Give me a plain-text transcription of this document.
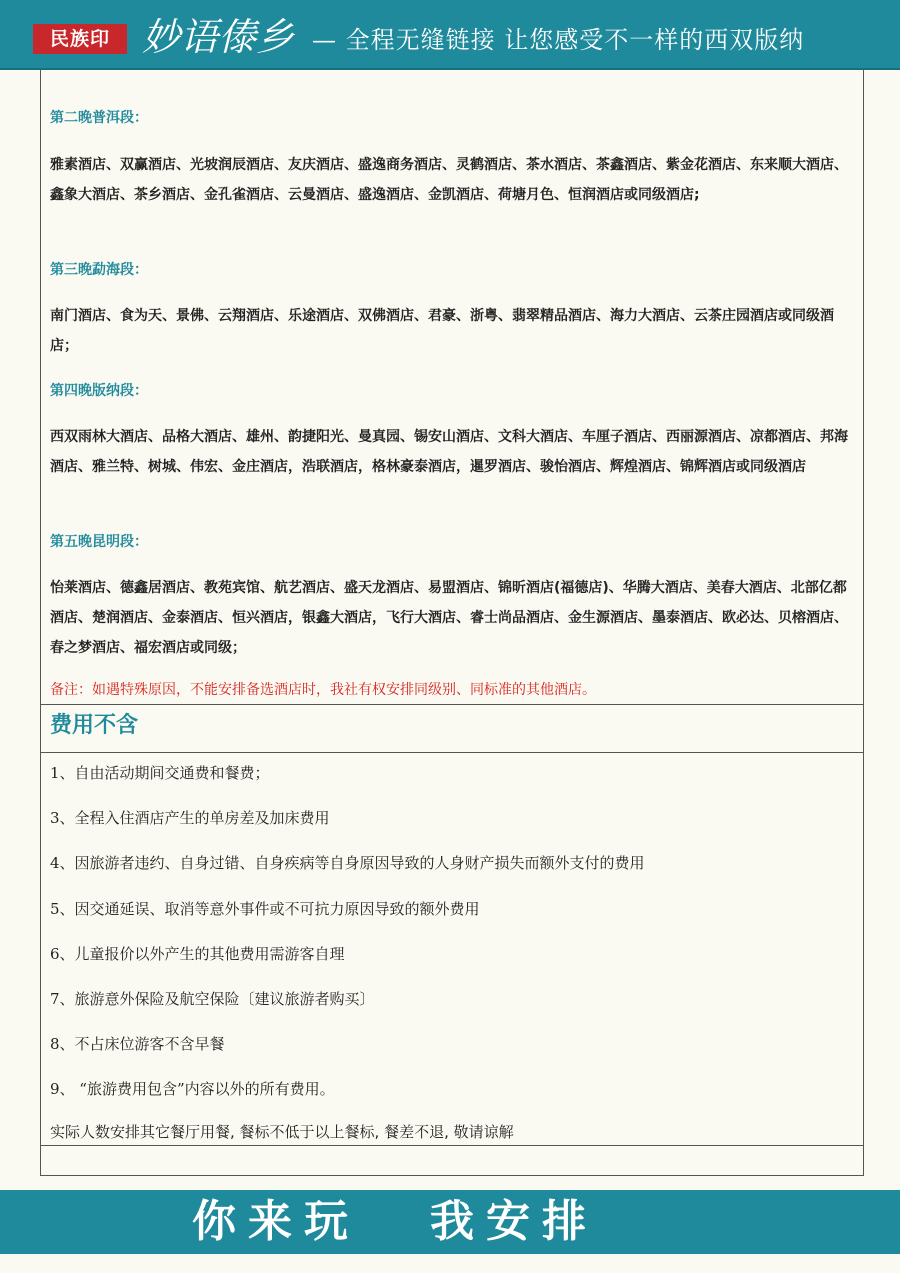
民族印 妙语傣乡 — 全程无缝链接 让您感受不一样的西双版纳
第二晚普洱段：
雅素酒店、双赢酒店、光坡润辰酒店、友庆酒店、盛逸商务酒店、灵鹤酒店、茶水酒店、茶鑫酒店、紫金花酒店、东来顺大酒店、鑫象大酒店、茶乡酒店、金孔雀酒店、云曼酒店、盛逸酒店、金凯酒店、荷塘月色、恒润酒店或同级酒店;
第三晚勐海段：
南门酒店、食为天、景佛、云翔酒店、乐途酒店、双佛酒店、君豪、浙粤、翡翠精品酒店、海力大酒店、云茶庄园酒店或同级酒店；
第四晚版纳段：
西双雨林大酒店、品格大酒店、雄州、韵捷阳光、曼真园、锡安山酒店、文科大酒店、车厘子酒店、西丽源酒店、凉都酒店、邦海酒店、雅兰特、树城、伟宏、金庄酒店，浩联酒店，格林豪泰酒店，暹罗酒店、骏怡酒店、辉煌酒店、锦辉酒店或同级酒店
第五晚昆明段：
怡莱酒店、德鑫居酒店、教苑宾馆、航艺酒店、盛天龙酒店、易盟酒店、锦昕酒店(福德店)、华腾大酒店、美春大酒店、北部亿都酒店、楚润酒店、金泰酒店、恒兴酒店，银鑫大酒店，飞行大酒店、睿士尚品酒店、金生源酒店、墨泰酒店、欧必达、贝榕酒店、春之梦酒店、福宏酒店或同级；
备注：如遇特殊原因，不能安排备选酒店时，我社有权安排同级别、同标准的其他酒店。
费用不含
1、自由活动期间交通费和餐费；
3、全程入住酒店产生的单房差及加床费用
4、因旅游者违约、自身过错、自身疾病等自身原因导致的人身财产损失而额外支付的费用
5、因交通延误、取消等意外事件或不可抗力原因导致的额外费用
6、儿童报价以外产生的其他费用需游客自理
7、旅游意外保险及航空保险〔建议旅游者购买〕
8、不占床位游客不含早餐
9、 “旅游费用包含”内容以外的所有费用。
实际人数安排其它餐厅用餐, 餐标不低于以上餐标, 餐差不退, 敬请谅解
你来玩 我安排
